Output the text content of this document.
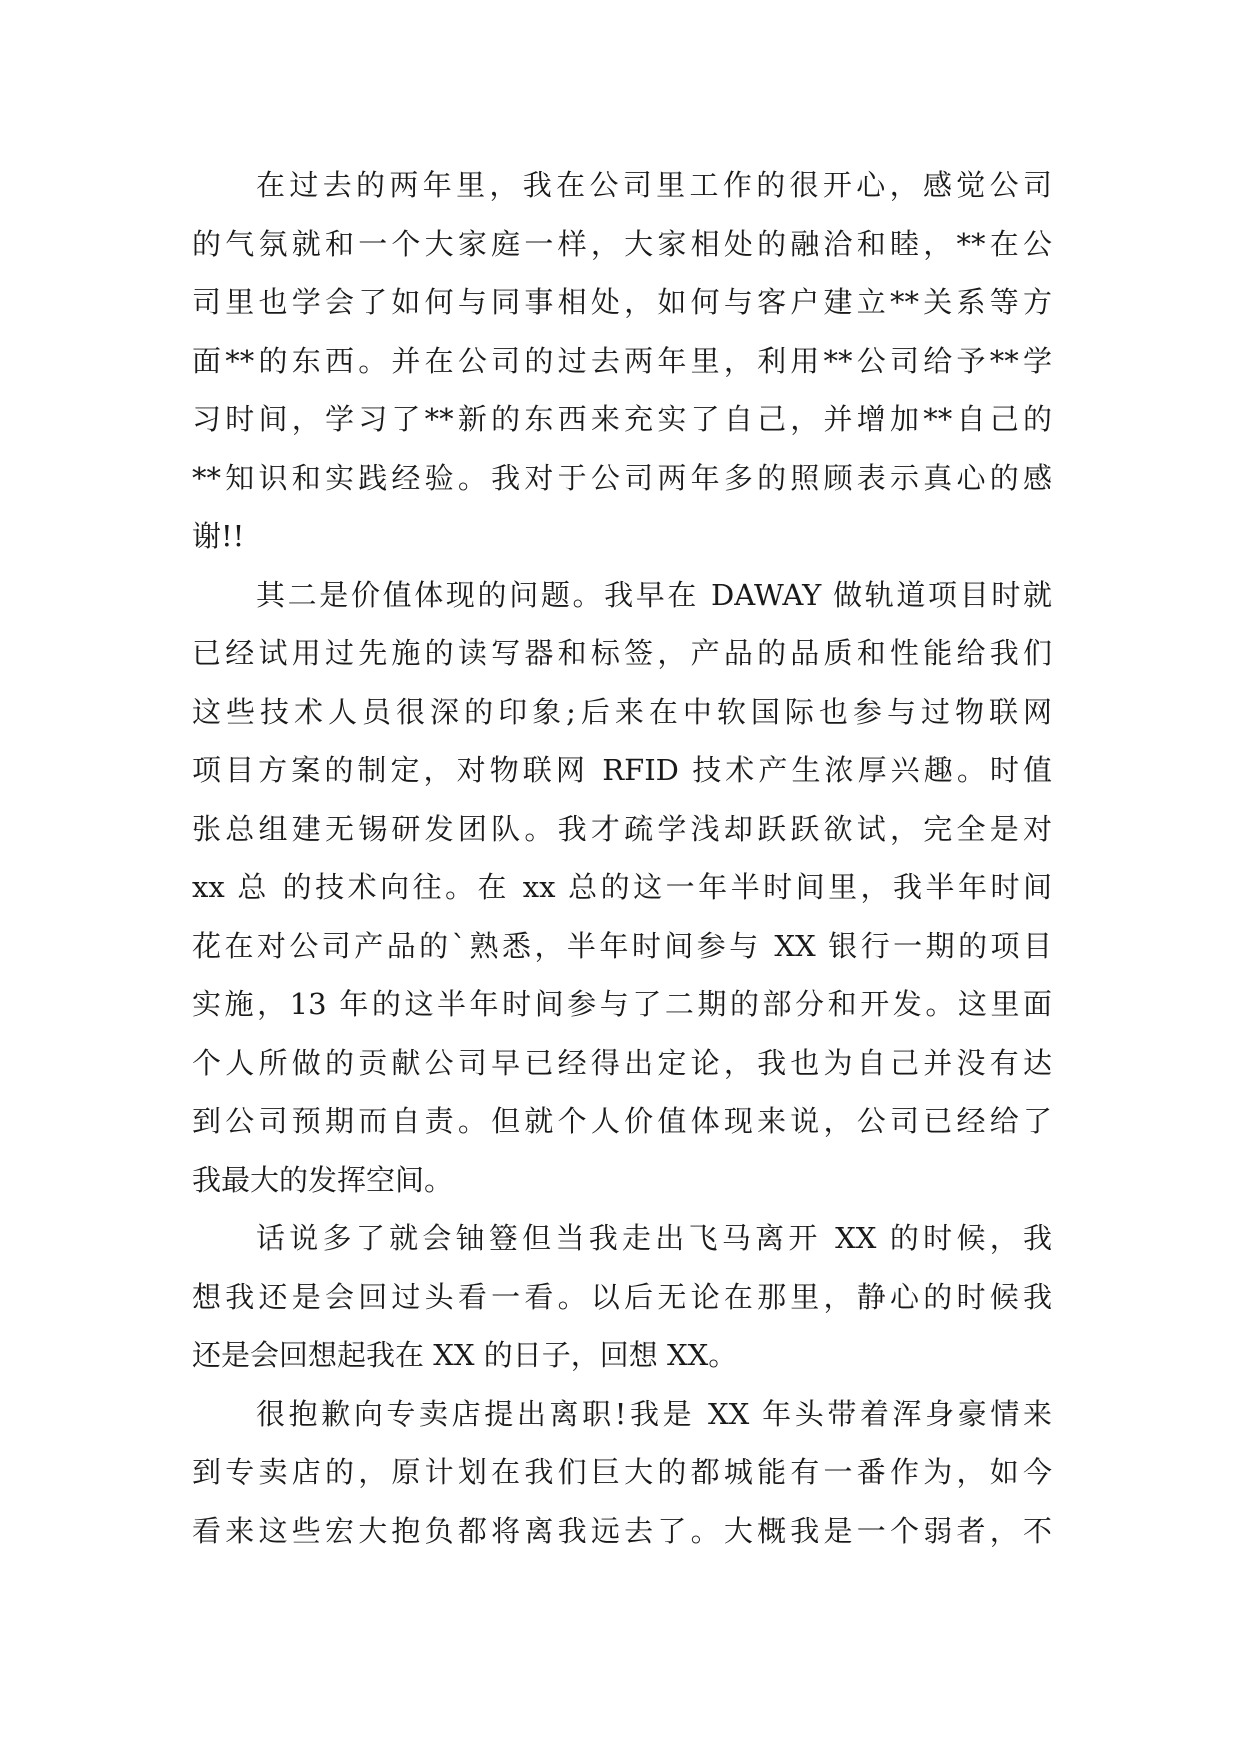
在过去的两年里，我在公司里工作的很开心，感觉公司
的气氛就和一个大家庭一样，大家相处的融洽和睦，**在公
司里也学会了如何与同事相处，如何与客户建立**关系等方
面**的东西。并在公司的过去两年里，利用**公司给予**学
习时间，学习了**新的东西来充实了自己，并增加**自己的
**知识和实践经验。我对于公司两年多的照顾表示真心的感
谢!!
其二是价值体现的问题。我早在 DAWAY 做轨道项目时就
已经试用过先施的读写器和标签，产品的品质和性能给我们
这些技术人员很深的印象;后来在中软国际也参与过物联网
项目方案的制定，对物联网 RFID 技术产生浓厚兴趣。时值
张总组建无锡研发团队。我才疏学浅却跃跃欲试，完全是对
xx 总 的技术向往。在 xx 总的这一年半时间里，我半年时间
花在对公司产品的`熟悉，半年时间参与 XX 银行一期的项目
实施，13 年的这半年时间参与了二期的部分和开发。这里面
个人所做的贡献公司早已经得出定论，我也为自己并没有达
到公司预期而自责。但就个人价值体现来说，公司已经给了
我最大的发挥空间。
话说多了就会铀簦但当我走出飞马离开 XX 的时候，我
想我还是会回过头看一看。以后无论在那里，静心的时候我
还是会回想起我在 XX 的日子，回想 XX。
很抱歉向专卖店提出离职!我是 XX 年头带着浑身豪情来
到专卖店的，原计划在我们巨大的都城能有一番作为，如今
看来这些宏大抱负都将离我远去了。大概我是一个弱者，不
